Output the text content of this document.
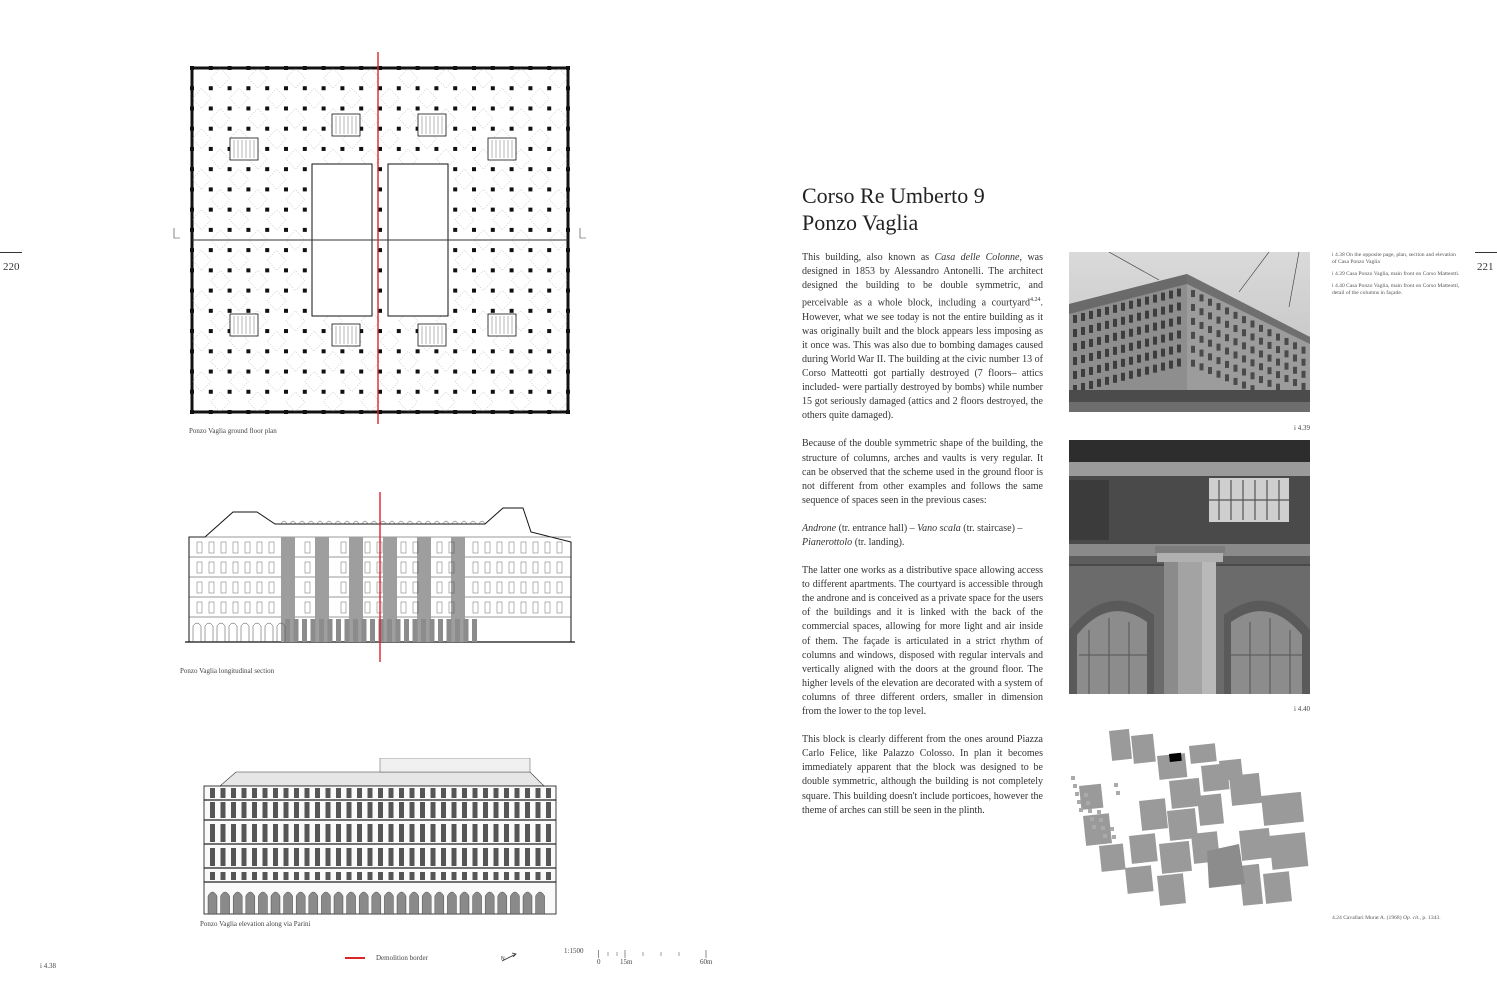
220
Ponzo Vaglia ground floor plan
Ponzo Vaglia longitudinal section
Ponzo Vaglia elevation along via Parini
i 4.38
Demolition border	N
1:1500
0	15m	60m
Corso Re Umberto 9
Ponzo Vaglia

This building, also known as Casa delle Colonne, was designed in 1853 by Alessandro Antonelli. The architect designed the building to be double symmetric, and perceivable as a whole block, including a courtyard$^{4.24}$. However, what we see today is not the entire building as it was originally built and the block appears less imposing as it once was. This was also due to bombing damages caused during World War II. The building at the civic number 13 of Corso Matteotti got partially destroyed (7 floors– attics included- were partially destroyed by bombs) while number 15 got seriously damaged (attics and 2 floors destroyed, the others quite damaged).

Because of the double symmetric shape of the building, the structure of columns, arches and vaults is very regular. It can be observed that the scheme used in the ground floor is not different from other examples and follows the same sequence of spaces seen in the previous cases:

Androne (tr. entrance hall) – Vano scala (tr. staircase) – Pianerottolo (tr. landing).

The latter one works as a distributive space allowing access to different apartments. The courtyard is accessible through the androne and is conceived as a private space for the users of the buildings and it is linked with the back of the commercial spaces, allowing for more light and air inside of them. The façade is articulated in a strict rhythm of columns and windows, disposed with regular intervals and vertically aligned with the doors at the ground floor. The higher levels of the elevation are decorated with a system of columns of three different orders, smaller in dimension from the lower to the top level.

This block is clearly different from the ones around Piazza Carlo Felice, like Palazzo Colosso. In plan it becomes immediately apparent that the block was designed to be double symmetric, although the building is not completely square. This building doesn't include porticoes, however the theme of arches can still be seen in the plinth.

i 4.39
i 4.40

i 4.38 On the opposite page, plan, section and elevation of Casa Ponzo Vaglia

i 4.39 Casa Ponzo Vaglia, main front on Corso Matteotti.

i 4.40 Casa Ponzo Vaglia, main front on Corso Matteotti, detail of the columns in façade.

221
4.24 Cavallari Murat A. (1968) Op. cit., p. 1343.
